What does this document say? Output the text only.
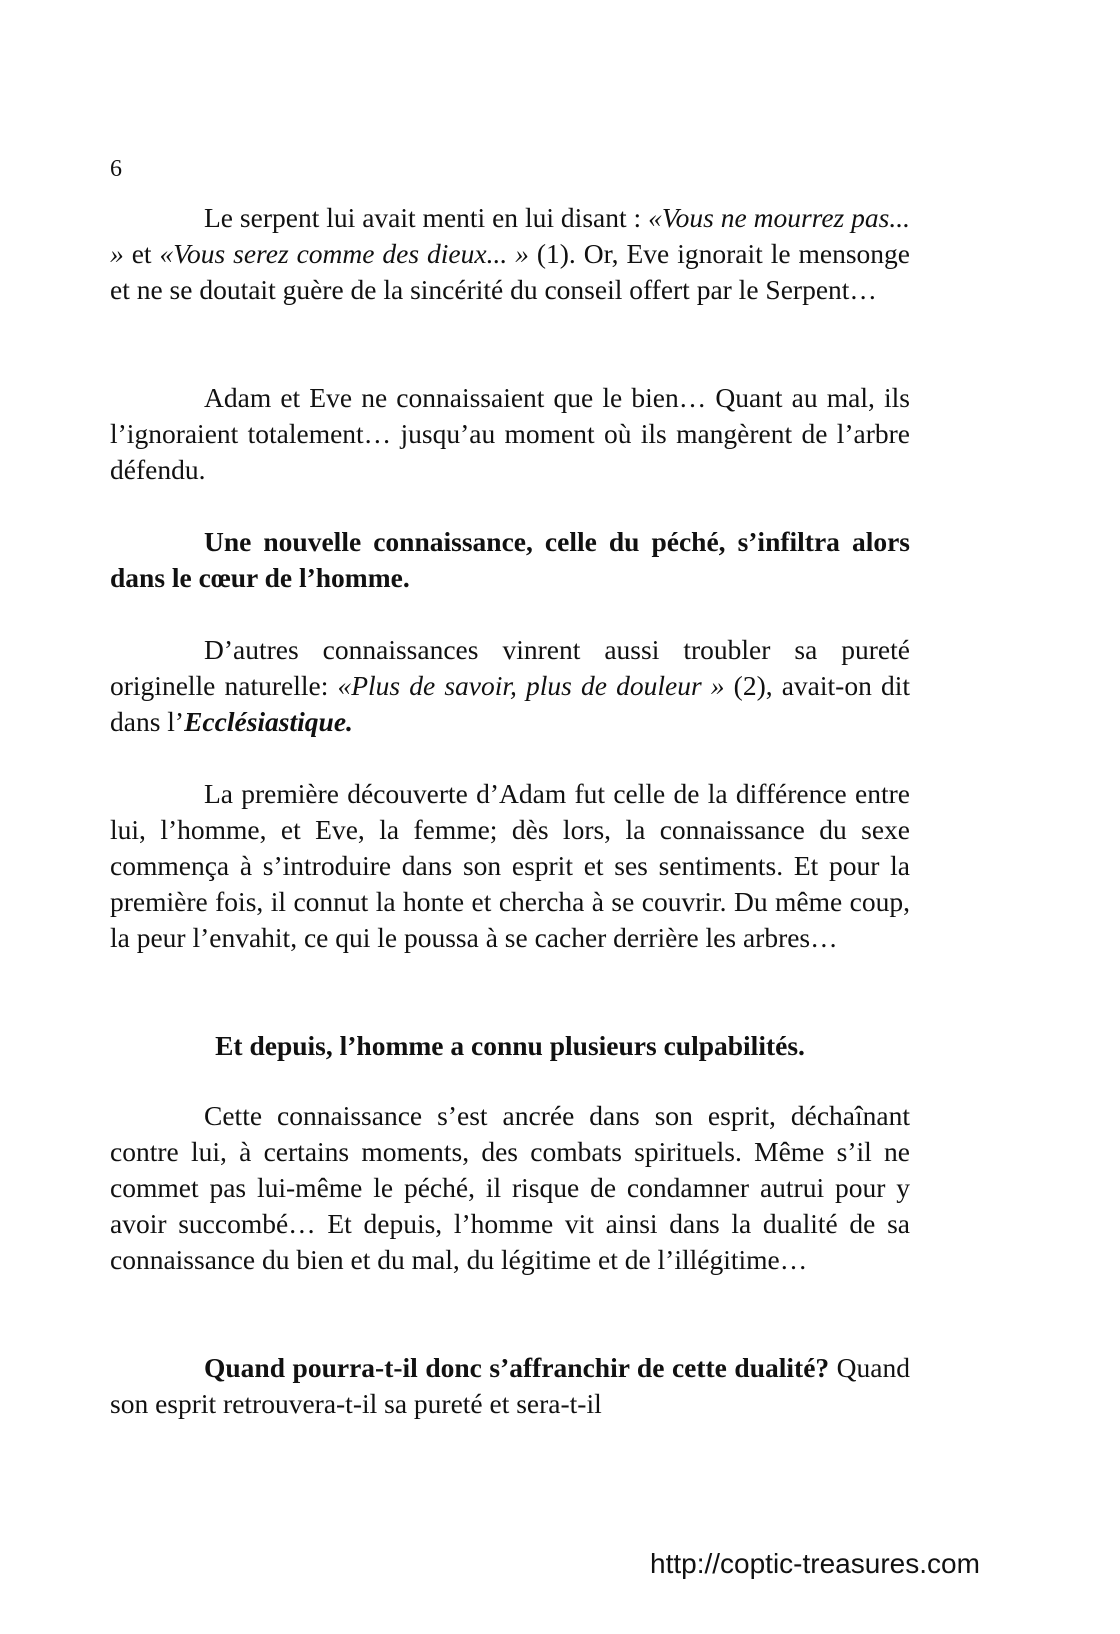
6

Le serpent lui avait menti en lui disant : «Vous ne mourrez pas... » et «Vous serez comme des dieux... » (1). Or, Eve ignorait le mensonge et ne se doutait guère de la sincérité du conseil offert par le Serpent…

Adam et Eve ne connaissaient que le bien… Quant au mal, ils l’ignoraient totalement… jusqu’au moment où ils mangèrent de l’arbre défendu.

Une nouvelle connaissance, celle du péché, s’infiltra alors dans le cœur de l’homme.

D’autres connaissances vinrent aussi troubler sa pureté originelle naturelle: «Plus de savoir, plus de douleur » (2), avait-on dit dans l’Ecclésiastique.

La première découverte d’Adam fut celle de la différence entre lui, l’homme, et Eve, la femme; dès lors, la connaissance du sexe commença à s’introduire dans son esprit et ses sentiments. Et pour la première fois, il connut la honte et chercha à se couvrir. Du même coup, la peur l’envahit, ce qui le poussa à se cacher derrière les arbres…

Et depuis, l’homme a connu plusieurs culpabilités.

Cette connaissance s’est ancrée dans son esprit, déchaînant contre lui, à certains moments, des combats spirituels. Même s’il ne commet pas lui-même le péché, il risque de condamner autrui pour y avoir succombé… Et depuis, l’homme vit ainsi dans la dualité de sa connaissance du bien et du mal, du légitime et de l’illégitime…

Quand pourra-t-il donc s’affranchir de cette dualité? Quand son esprit retrouvera-t-il sa pureté et sera-t-il

http://coptic-treasures.com
